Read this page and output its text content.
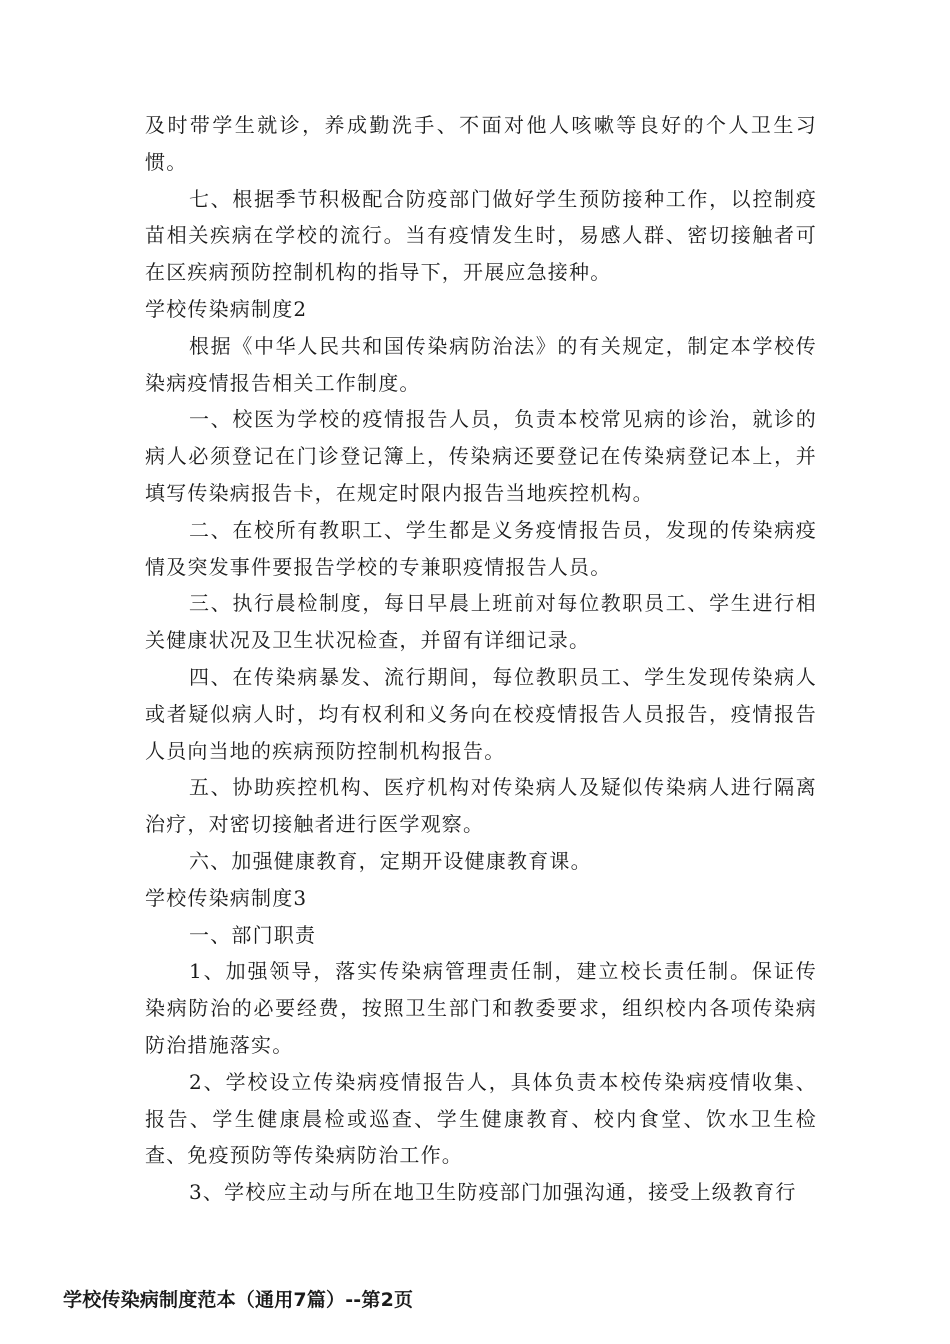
及时带学生就诊，养成勤洗手、不面对他人咳嗽等良好的个人卫生习惯。

七、根据季节积极配合防疫部门做好学生预防接种工作，以控制疫苗相关疾病在学校的流行。当有疫情发生时，易感人群、密切接触者可在区疾病预防控制机构的指导下，开展应急接种。

学校传染病制度2

根据《中华人民共和国传染病防治法》的有关规定，制定本学校传染病疫情报告相关工作制度。

一、校医为学校的疫情报告人员，负责本校常见病的诊治，就诊的病人必须登记在门诊登记簿上，传染病还要登记在传染病登记本上，并填写传染病报告卡，在规定时限内报告当地疾控机构。

二、在校所有教职工、学生都是义务疫情报告员，发现的传染病疫情及突发事件要报告学校的专兼职疫情报告人员。

三、执行晨检制度，每日早晨上班前对每位教职员工、学生进行相关健康状况及卫生状况检查，并留有详细记录。

四、在传染病暴发、流行期间，每位教职员工、学生发现传染病人或者疑似病人时，均有权利和义务向在校疫情报告人员报告，疫情报告人员向当地的疾病预防控制机构报告。

五、协助疾控机构、医疗机构对传染病人及疑似传染病人进行隔离治疗，对密切接触者进行医学观察。

六、加强健康教育，定期开设健康教育课。

学校传染病制度3

一、部门职责

1、加强领导，落实传染病管理责任制，建立校长责任制。保证传染病防治的必要经费，按照卫生部门和教委要求，组织校内各项传染病防治措施落实。

2、学校设立传染病疫情报告人，具体负责本校传染病疫情收集、报告、学生健康晨检或巡查、学生健康教育、校内食堂、饮水卫生检查、免疫预防等传染病防治工作。

3、学校应主动与所在地卫生防疫部门加强沟通，接受上级教育行

学校传染病制度范本（通用7篇）--第2页
